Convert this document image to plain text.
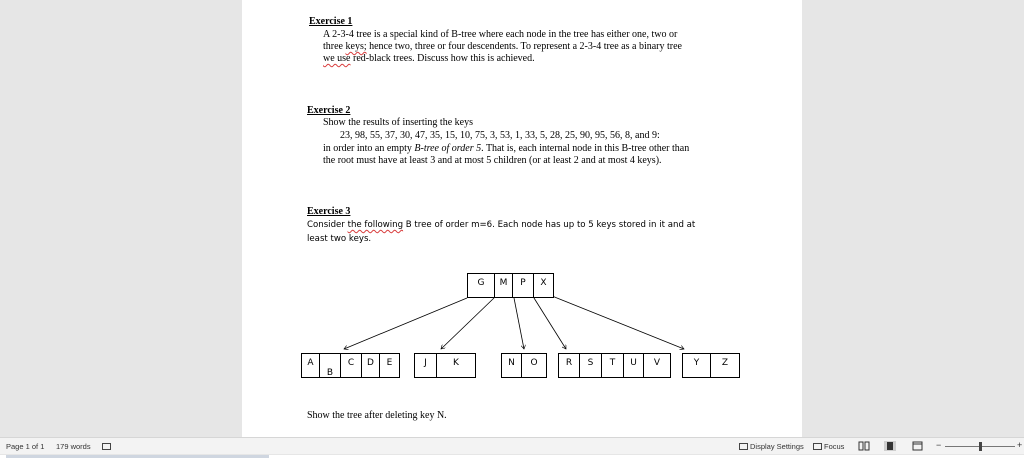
Exercise 1
A 2-3-4 tree is a special kind of B-tree where each node in the tree has either one, two or
three keys; hence two, three or four descendents. To represent a 2-3-4 tree as a binary tree
we use red-black trees. Discuss how this is achieved.
Exercise 2
Show the results of inserting the keys
23, 98, 55, 37, 30, 47, 35, 15, 10, 75, 3, 53, 1, 33, 5, 28, 25, 90, 95, 56, 8, and 9:
in order into an empty B-tree of order 5. That is, each internal node in this B-tree other than
the root must have at least 3 and at most 5 children (or at least 2 and at most 4 keys).
Exercise 3
Consider the following B tree of order m=6. Each node has up to 5 keys stored in it and at
least two keys.
G	M	P	X
A
B
C	D	E	J	K	N	O	R	S	T	U	V	Y	Z
Show the tree after deleting key N.
Page 1 of 1 179 words	Display Settings	Focus	−	+
